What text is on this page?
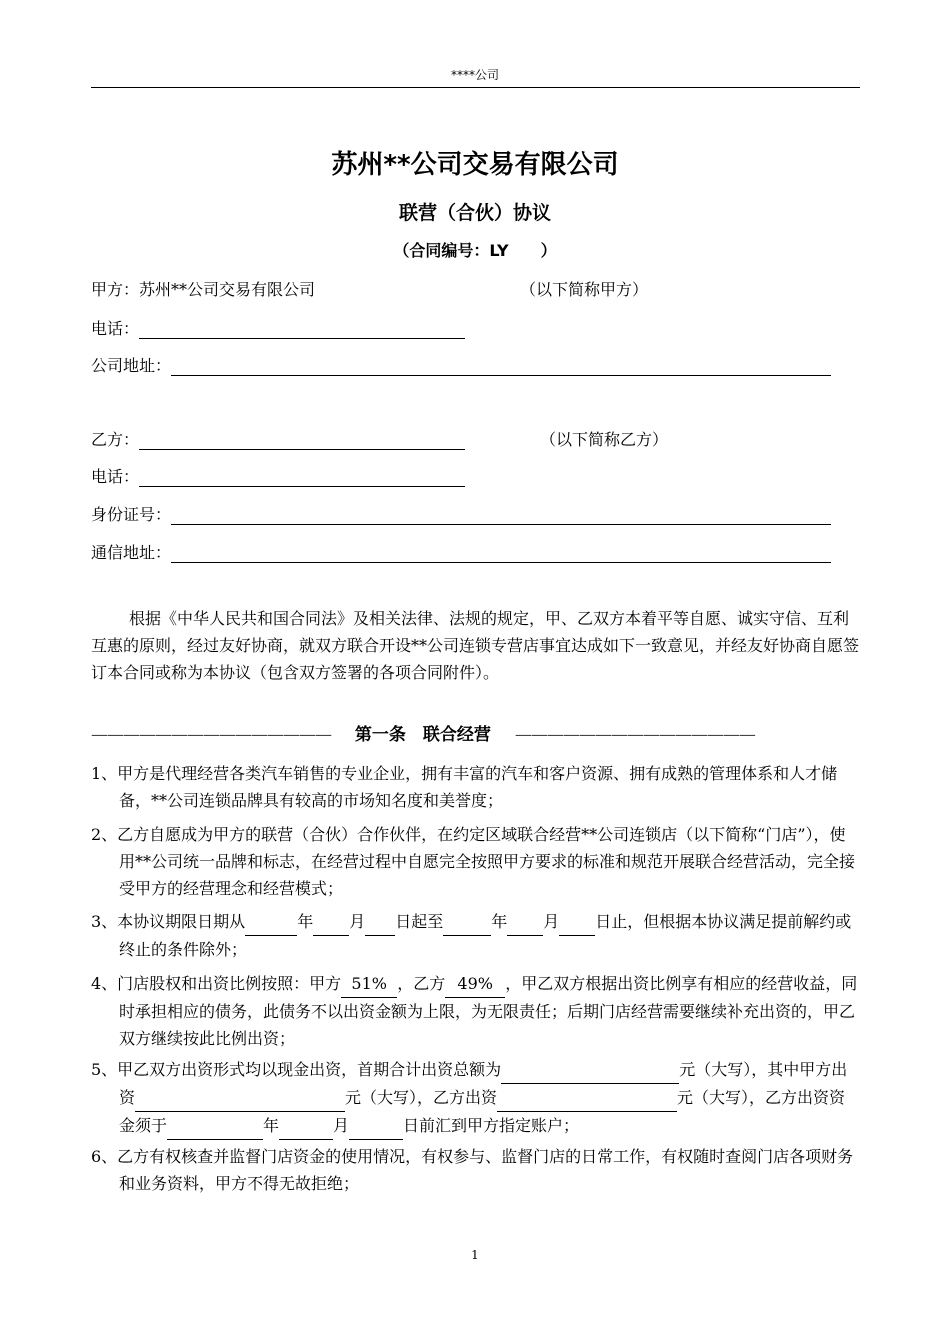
****公司
苏州**公司交易有限公司
联营（合伙）协议
（合同编号：LY　　）
甲方：苏州**公司交易有限公司	（以下简称甲方）
电话：
公司地址：
乙方：	（以下简称乙方）
电话：
身份证号：
通信地址：
根据《中华人民共和国合同法》及相关法律、法规的规定，甲、乙双方本着平等自愿、诚实守信、互利互惠的原则，经过友好协商，就双方联合开设**公司连锁专营店事宜达成如下一致意见，并经友好协商自愿签订本合同或称为本协议（包含双方签署的各项合同附件）。
——————————————— 第一条　联合经营 ———————————————
1、甲方是代理经营各类汽车销售的专业企业，拥有丰富的汽车和客户资源、拥有成熟的管理体系和人才储备，**公司连锁品牌具有较高的市场知名度和美誉度；
2、乙方自愿成为甲方的联营（合伙）合作伙伴，在约定区域联合经营**公司连锁店（以下简称“门店”），使用**公司统一品牌和标志，在经营过程中自愿完全按照甲方要求的标准和规范开展联合经营活动，完全接受甲方的经营理念和经营模式；
3、本协议期限日期从	年 月 日起至	年 月 日止，但根据本协议满足提前解约或终止的条件除外；
4、门店股权和出资比例按照：甲方 51% ，乙方 49% ，甲乙双方根据出资比例享有相应的经营收益，同时承担相应的债务，此债务不以出资金额为上限，为无限责任；后期门店经营需要继续补充出资的，甲乙双方继续按此比例出资；
5、甲乙双方出资形式均以现金出资，首期合计出资总额为	元（大写），其中甲方出资	元（大写），乙方出资	元（大写），乙方出资资金须于	年	月	日前汇到甲方指定账户；
6、乙方有权核查并监督门店资金的使用情况，有权参与、监督门店的日常工作，有权随时查阅门店各项财务和业务资料，甲方不得无故拒绝；
1
